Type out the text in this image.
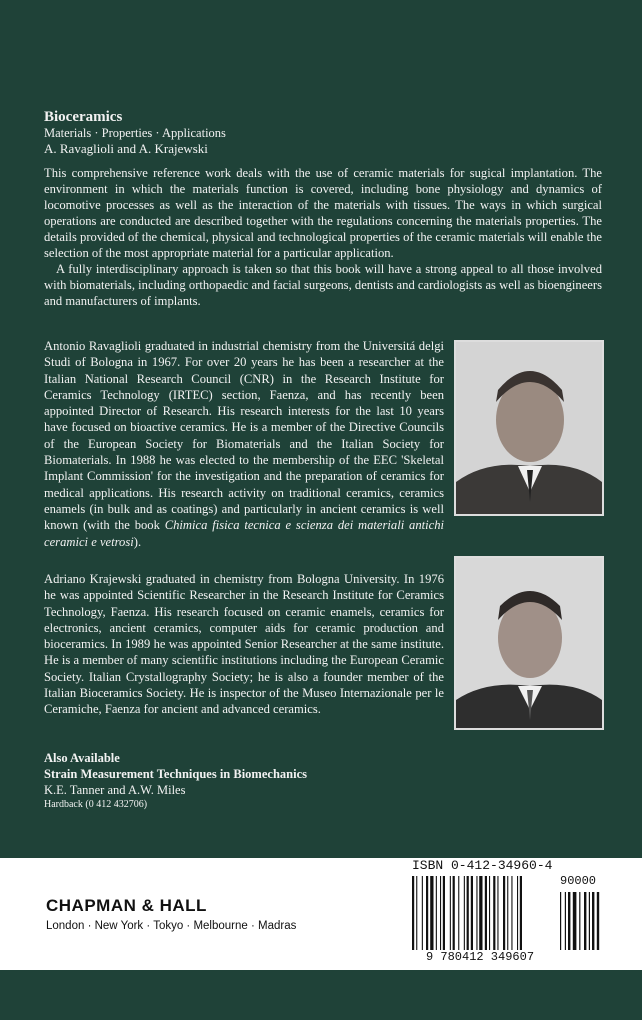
Bioceramics
Materials · Properties · Applications
A. Ravaglioli and A. Krajewski

This comprehensive reference work deals with the use of ceramic materials for sugical implantation. The environment in which the materials function is covered, including bone physiology and dynamics of locomotive processes as well as the interaction of the materials with tissues. The ways in which surgical operations are conducted are described together with the regulations concerning the materials properties. The details provided of the chemical, physical and technological properties of the ceramic materials will enable the selection of the most appropriate material for a particular application.

A fully interdisciplinary approach is taken so that this book will have a strong appeal to all those involved with biomaterials, including orthopaedic and facial surgeons, dentists and cardiologists as well as bioengineers and manufacturers of implants.

Antonio Ravaglioli graduated in industrial chemistry from the Universitá delgi Studi of Bologna in 1967. For over 20 years he has been a researcher at the Italian National Research Council (CNR) in the Research Institute for Ceramics Technology (IRTEC) section, Faenza, and has recently been appointed Director of Research. His research interests for the last 10 years have focused on bioactive ceramics. He is a member of the Directive Councils of the European Society for Biomaterials and the Italian Society for Biomaterials. In 1988 he was elected to the membership of the EEC 'Skeletal Implant Commission' for the investigation and the preparation of ceramics for medical applications. His research activity on traditional ceramics, ceramics enamels (in bulk and as coatings) and particularly in ancient ceramics is well known (with the book Chimica fisica tecnica e scienza dei materiali antichi ceramici e vetrosi).

Adriano Krajewski graduated in chemistry from Bologna University. In 1976 he was appointed Scientific Researcher in the Research Institute for Ceramics Technology, Faenza. His research focused on ceramic enamels, ceramics for electronics, ancient ceramics, computer aids for ceramic production and bioceramics. In 1989 he was appointed Senior Researcher at the same institute. He is a member of many scientific institutions including the European Ceramic Society. Italian Crystallography Society; he is also a founder member of the Italian Bioceramics Society. He is inspector of the Museo Internazionale per le Ceramiche, Faenza for ancient and advanced ceramics.

Also Available
Strain Measurement Techniques in Biomechanics
K.E. Tanner and A.W. Miles
Hardback (0 412 432706)
CHAPMAN & HALL
London · New York · Tokyo · Melbourne · Madras
ISBN 0-412-34960-4
90000
9 780412 349607
